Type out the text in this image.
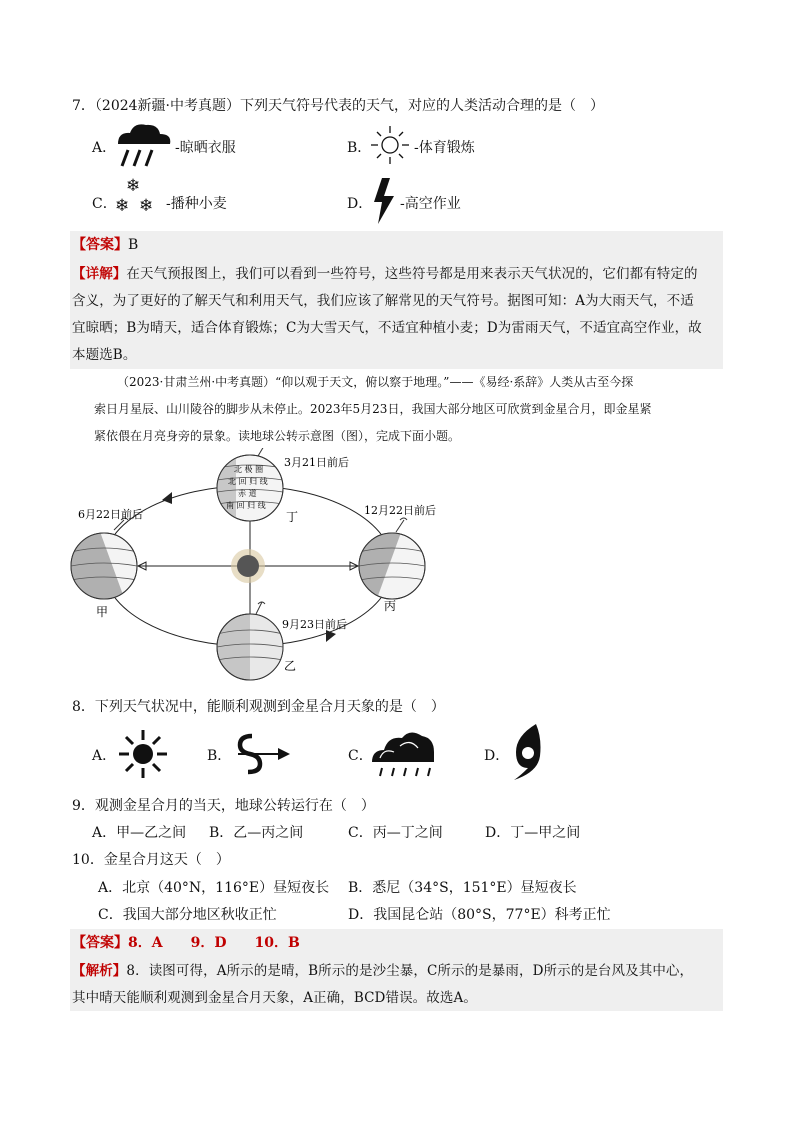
7．（2024新疆·中考真题）下列天气符号代表的天气，对应的人类活动合理的是（　）
A．	-晾晒衣服	B．	-体育锻炼
C．
❄
❄ ❄ -播种小麦	D． -高空作业
【答案】B
【详解】在天气预报图上，我们可以看到一些符号，这些符号都是用来表示天气状况的，它们都有特定的
含义，为了更好的了解天气和利用天气，我们应该了解常见的天气符号。据图可知：A为大雨天气，不适
宜晾晒；B为晴天，适合体育锻炼；C为大雪天气，不适宜种植小麦；D为雷雨天气，不适宜高空作业，故
本题选B。
（2023·甘肃兰州·中考真题）“仰以观于天文，俯以察于地理。”——《易经·系辞》人类从古至今探
索日月星辰、山川陵谷的脚步从未停止。2023年5月23日，我国大部分地区可欣赏到金星合月，即金星紧
紧依偎在月亮身旁的景象。读地球公转示意图（图），完成下面小题。
北 极 圈
北 回 归 线
赤 道
南 回 归 线
3月21日前后
6月22日前后	12月22日前后
9月23日前后
丁
甲	丙
乙
8．下列天气状况中，能顺利观测到金星合月天象的是（　）
A．	B．	C．	D．
9．观测金星合月的当天，地球公转运行在（　）
A．甲—乙之间 B．乙—丙之间	C．丙—丁之间	D．丁—甲之间
10．金星合月这天（　）
A．北京（40°N，116°E）昼短夜长 B．悉尼（34°S，151°E）昼短夜长
C．我国大部分地区秋收正忙	D．我国昆仑站（80°S，77°E）科考正忙
【答案】8．A　　9．D　　10．B
【解析】8．读图可得，A所示的是晴，B所示的是沙尘暴，C所示的是暴雨，D所示的是台风及其中心，
其中晴天能顺利观测到金星合月天象，A正确，BCD错误。故选A。
